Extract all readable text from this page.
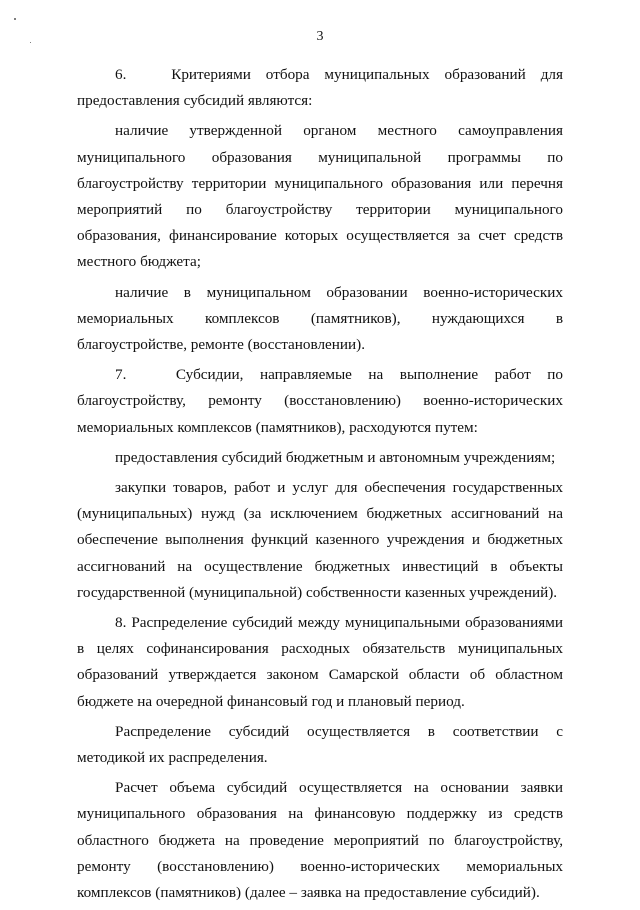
3

6.   Критериями отбора муниципальных образований для предоставления субсидий являются:

наличие утвержденной органом местного самоуправления муниципального образования муниципальной программы по благоустройству территории муниципального образования или перечня мероприятий по благоустройству территории муниципального образования, финансирование которых осуществляется за счет средств местного бюджета;

наличие в муниципальном образовании военно-исторических мемориальных комплексов (памятников), нуждающихся в благоустройстве, ремонте (восстановлении).

7.   Субсидии, направляемые на выполнение работ по благоустройству, ремонту (восстановлению) военно-исторических мемориальных комплексов (памятников), расходуются путем:

предоставления субсидий бюджетным и автономным учреждениям;

закупки товаров, работ и услуг для обеспечения государственных (муниципальных) нужд (за исключением бюджетных ассигнований на обеспечение выполнения функций казенного учреждения и бюджетных ассигнований на осуществление бюджетных инвестиций в объекты государственной (муниципальной) собственности казенных учреждений).

8. Распределение субсидий между муниципальными образованиями в целях софинансирования расходных обязательств муниципальных образований утверждается законом Самарской области об областном бюджете на очередной финансовый год и плановый период.

Распределение субсидий осуществляется в соответствии с методикой их распределения.

Расчет объема субсидий осуществляется на основании заявки муниципального образования на финансовую поддержку из средств областного бюджета на проведение мероприятий по благоустройству, ремонту (восстановлению) военно-исторических мемориальных комплексов (памятников) (далее – заявка на предоставление субсидий).
